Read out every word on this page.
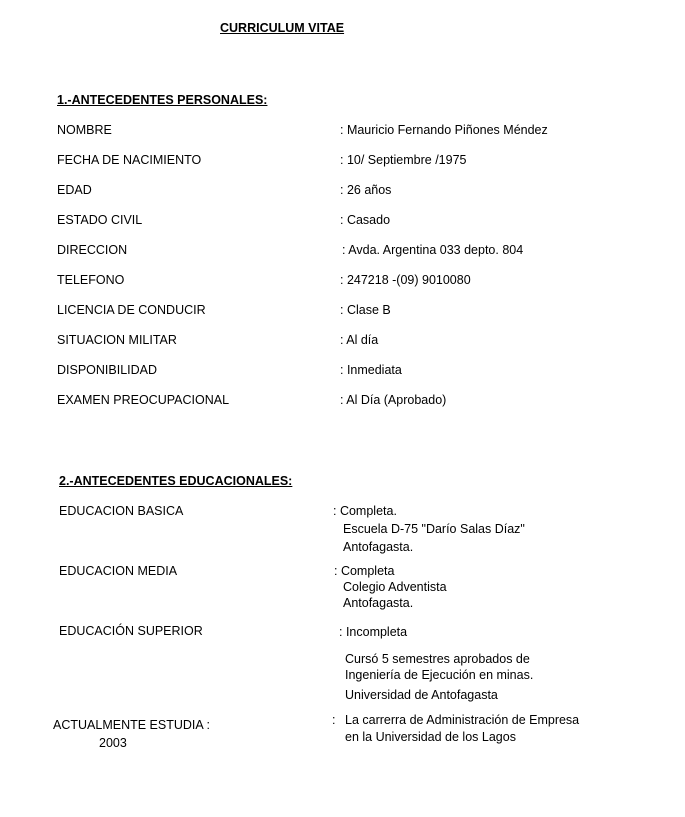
CURRICULUM VITAE
1.-ANTECEDENTES PERSONALES:
NOMBRE	: Mauricio Fernando Piñones Méndez
FECHA DE NACIMIENTO	: 10/ Septiembre /1975
EDAD	: 26 años
ESTADO CIVIL	: Casado
DIRECCION	: Avda. Argentina 033 depto. 804
TELEFONO	: 247218 -(09) 9010080
LICENCIA DE CONDUCIR	: Clase B
SITUACION MILITAR	: Al día
DISPONIBILIDAD	: Inmediata
EXAMEN PREOCUPACIONAL	: Al Día (Aprobado)
2.-ANTECEDENTES EDUCACIONALES:
EDUCACION BASICA	: Completa.
Escuela D-75 "Darío Salas Díaz"
Antofagasta.
EDUCACION MEDIA	: Completa
Colegio Adventista
Antofagasta.
EDUCACIÓN SUPERIOR	: Incompleta
Cursó 5 semestres aprobados de
Ingeniería de Ejecución en minas.
Universidad de Antofagasta
ACTUALMENTE ESTUDIA :
2003
: La carrerra de Administración de Empresa
en la Universidad de los Lagos
